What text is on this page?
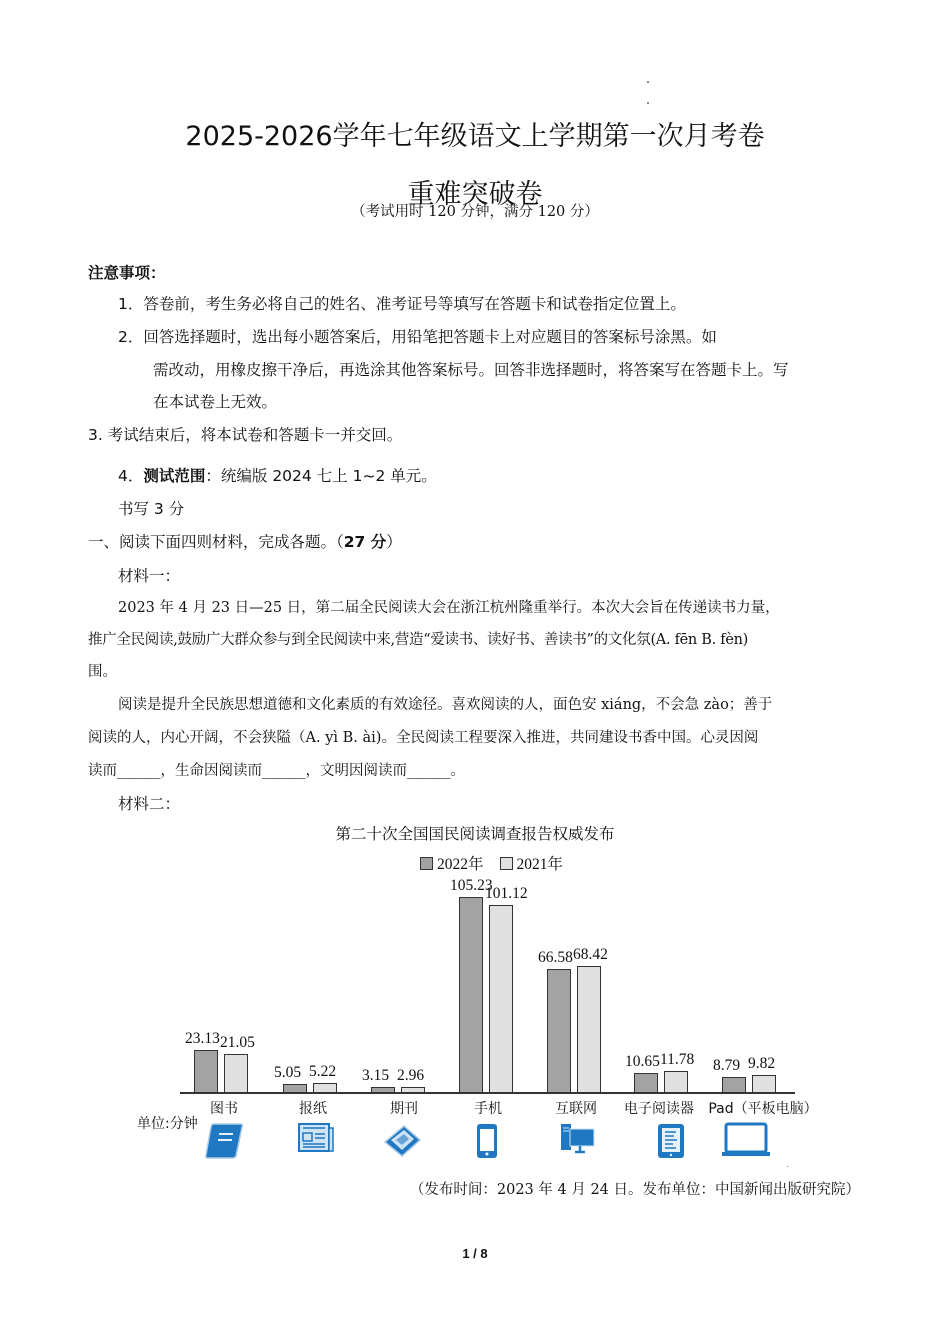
2025-2026学年七年级语文上学期第一次月考卷
重难突破卷
（考试用时 120 分钟，满分 120 分）
注意事项：
1．答卷前，考生务必将自己的姓名、准考证号等填写在答题卡和试卷指定位置上。
2．回答选择题时，选出每小题答案后，用铅笔把答题卡上对应题目的答案标号涂黑。如
需改动，用橡皮擦干净后，再选涂其他答案标号。回答非选择题时，将答案写在答题卡上。写
在本试卷上无效。
3. 考试结束后，将本试卷和答题卡一并交回。
4．测试范围：统编版 2024 七上 1~2 单元。
书写 3 分
一、阅读下面四则材料，完成各题。（27 分）
材料一：
2023 年 4 月 23 日—25 日，第二届全民阅读大会在浙江杭州隆重举行。本次大会旨在传递读书力量，
推广全民阅读,鼓励广大群众参与到全民阅读中来,营造“爱读书、读好书、善读书”的文化氛(A. fēn B. fèn)
围。
阅读是提升全民族思想道德和文化素质的有效途径。喜欢阅读的人，面色安 xiáng，不会急 zào；善于
阅读的人，内心开阔，不会狭隘（A. yì B. ài)。全民阅读工程要深入推进，共同建设书香中国。心灵因阅
读而______，生命因阅读而______，文明因阅读而______。
材料二：
第二十次全国国民阅读调查报告权威发布
2022年 2021年
23.13 21.05
5.05 5.22 3.15 2.96
105.23
101.12
66.58 68.42
10.65 11.78 8.79 9.82
图书	报纸	期刊	手机	互联网	电子阅读器	Pad（平板电脑）
单位:分钟
（发布时间：2023 年 4 月 24 日。发布单位：中国新闻出版研究院）
1 / 8
